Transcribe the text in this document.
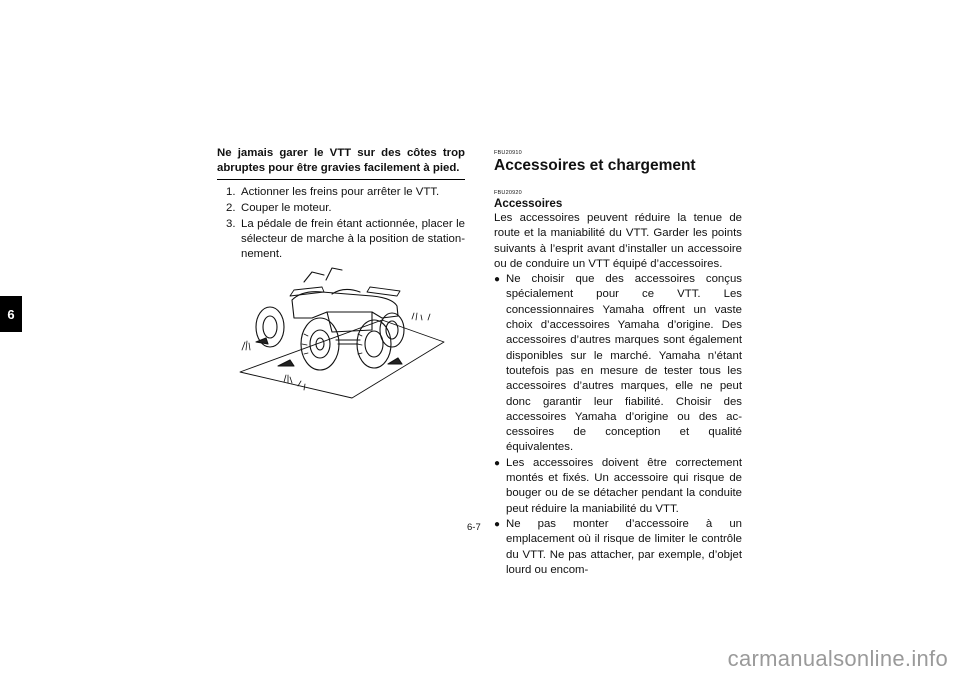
6
Ne jamais garer le VTT sur des côtes trop abruptes pour être gravies facilement à pied.
1. Actionner les freins pour arrêter le VTT.
2. Couper le moteur.
3. La pédale de frein étant actionnée, placer le sélecteur de marche à la position de stationnement.
FBU20910
Accessoires et chargement
FBU20920
Accessoires

Les accessoires peuvent réduire la tenue de route et la maniabilité du VTT. Garder les points suivants à l’esprit avant d’installer un accessoire ou de conduire un VTT équipé d’accessoires.

● Ne choisir que des accessoires conçus spécialement pour ce VTT. Les concessionnaires Yamaha offrent un vaste choix d’accessoires Yamaha d’origine. Des accessoires d’autres marques sont également disponibles sur le marché. Yamaha n’étant toutefois pas en mesure de tester tous les accessoires d’autres marques, elle ne peut donc garantir leur fiabilité. Choisir des accessoires Yamaha d’origine ou des accessoires de conception et qualité équivalentes.

● Les accessoires doivent être correctement montés et fixés. Un accessoire qui risque de bouger ou de se détacher pendant la conduite peut réduire la maniabilité du VTT.

● Ne pas monter d’accessoire à un emplacement où il risque de limiter le contrôle du VTT. Ne pas attacher, par exemple, d’objet lourd ou encom-

6-7
carmanualsonline.info
